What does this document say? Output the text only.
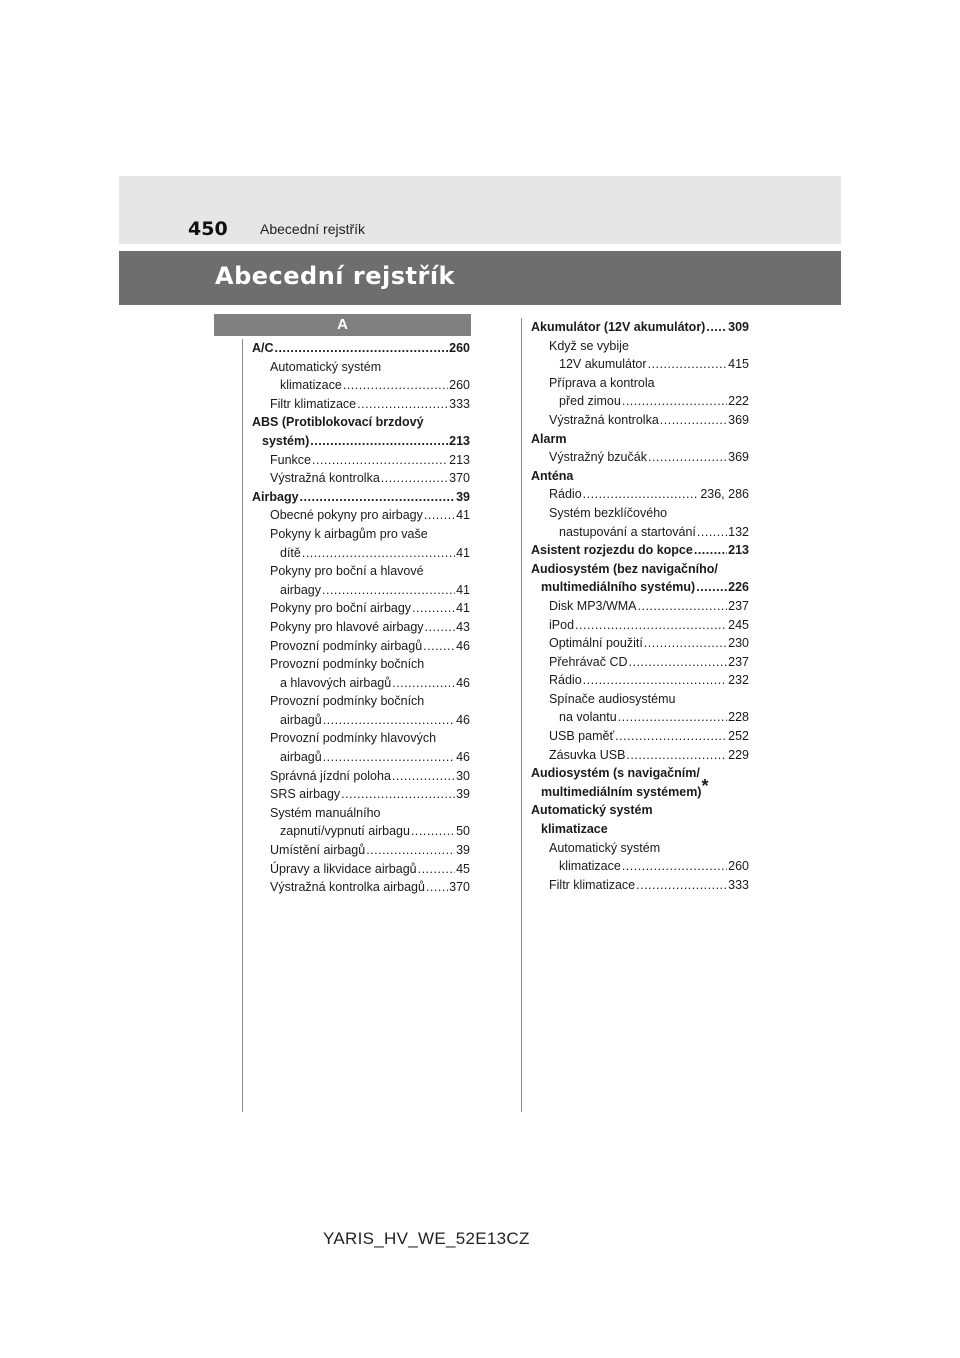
450 Abecední rejstřík
Abecední rejstřík
A
A/C .....	260
Automatický systém
klimatizace .....	260
Filtr klimatizace .....	333
ABS (Protiblokovací brzdový
systém) .....	213
Funkce .....	213
Výstražná kontrolka .....	370
Airbagy .....	39
Obecné pokyny pro airbagy .....	41
Pokyny k airbagům pro vaše
dítě .....	41
Pokyny pro boční a hlavové
airbagy .....	41
Pokyny pro boční airbagy .....	41
Pokyny pro hlavové airbagy .....	43
Provozní podmínky airbagů .....	46
Provozní podmínky bočních
a hlavových airbagů .....	46
Provozní podmínky bočních
airbagů .....	46
Provozní podmínky hlavových
airbagů .....	46
Správná jízdní poloha .....	30
SRS airbagy .....	39
Systém manuálního
zapnutí/vypnutí airbagu .....	50
Umístění airbagů .....	39
Úpravy a likvidace airbagů .....	45
Výstražná kontrolka airbagů ..... 370
Akumulátor (12V akumulátor) ..... 309
Když se vybije
12V akumulátor .....	415
Příprava a kontrola
před zimou .....	222
Výstražná kontrolka .....	369
Alarm
Výstražný bzučák .....	369
Anténa
Rádio .....	236, 286
Systém bezklíčového
nastupování a startování .....	132
Asistent rozjezdu do kopce .....	213
Audiosystém (bez navigačního/
multimediálního systému) .....	226
Disk MP3/WMA .....	237
iPod .....	245
Optimální použití .....	230
Přehrávač CD .....	237
Rádio .....	232
Spínače audiosystému
na volantu .....	228
USB paměť .....	252
Zásuvka USB .....	229
Audiosystém (s navigačním/
multimediálním systémem)*
Automatický systém
klimatizace
Automatický systém
klimatizace .....	260
Filtr klimatizace .....	333
YARIS_HV_WE_52E13CZ
